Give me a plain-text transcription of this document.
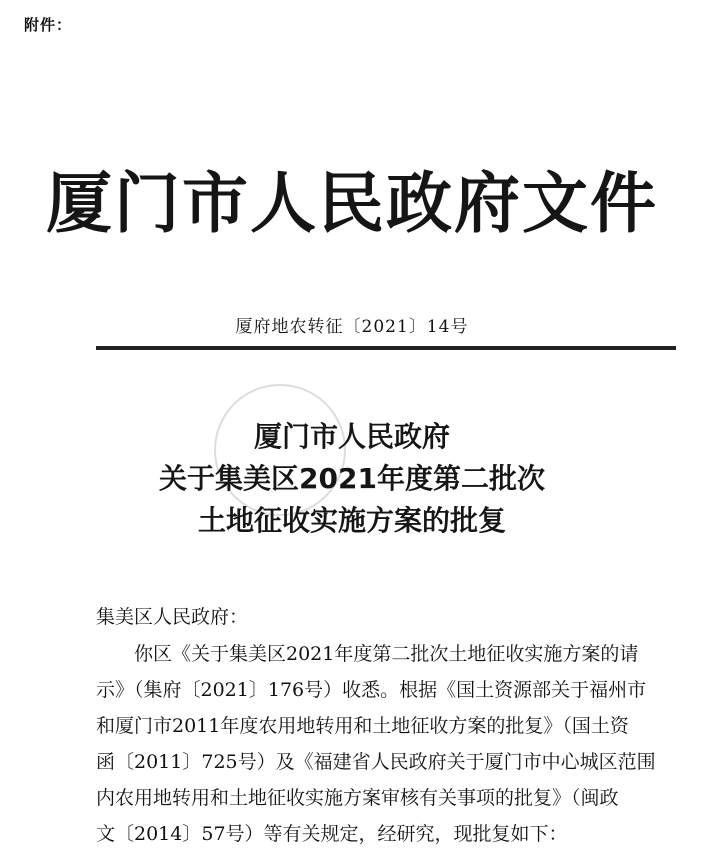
附件：
厦门市人民政府文件
厦府地农转征〔2021〕14号
厦门市人民政府
关于集美区2021年度第二批次
土地征收实施方案的批复
集美区人民政府：
你区《关于集美区2021年度第二批次土地征收实施方案的请
示》（集府〔2021〕176号）收悉。根据《国土资源部关于福州市
和厦门市2011年度农用地转用和土地征收方案的批复》（国土资
函〔2011〕725号）及《福建省人民政府关于厦门市中心城区范围
内农用地转用和土地征收实施方案审核有关事项的批复》（闽政
文〔2014〕57号）等有关规定，经研究，现批复如下：
